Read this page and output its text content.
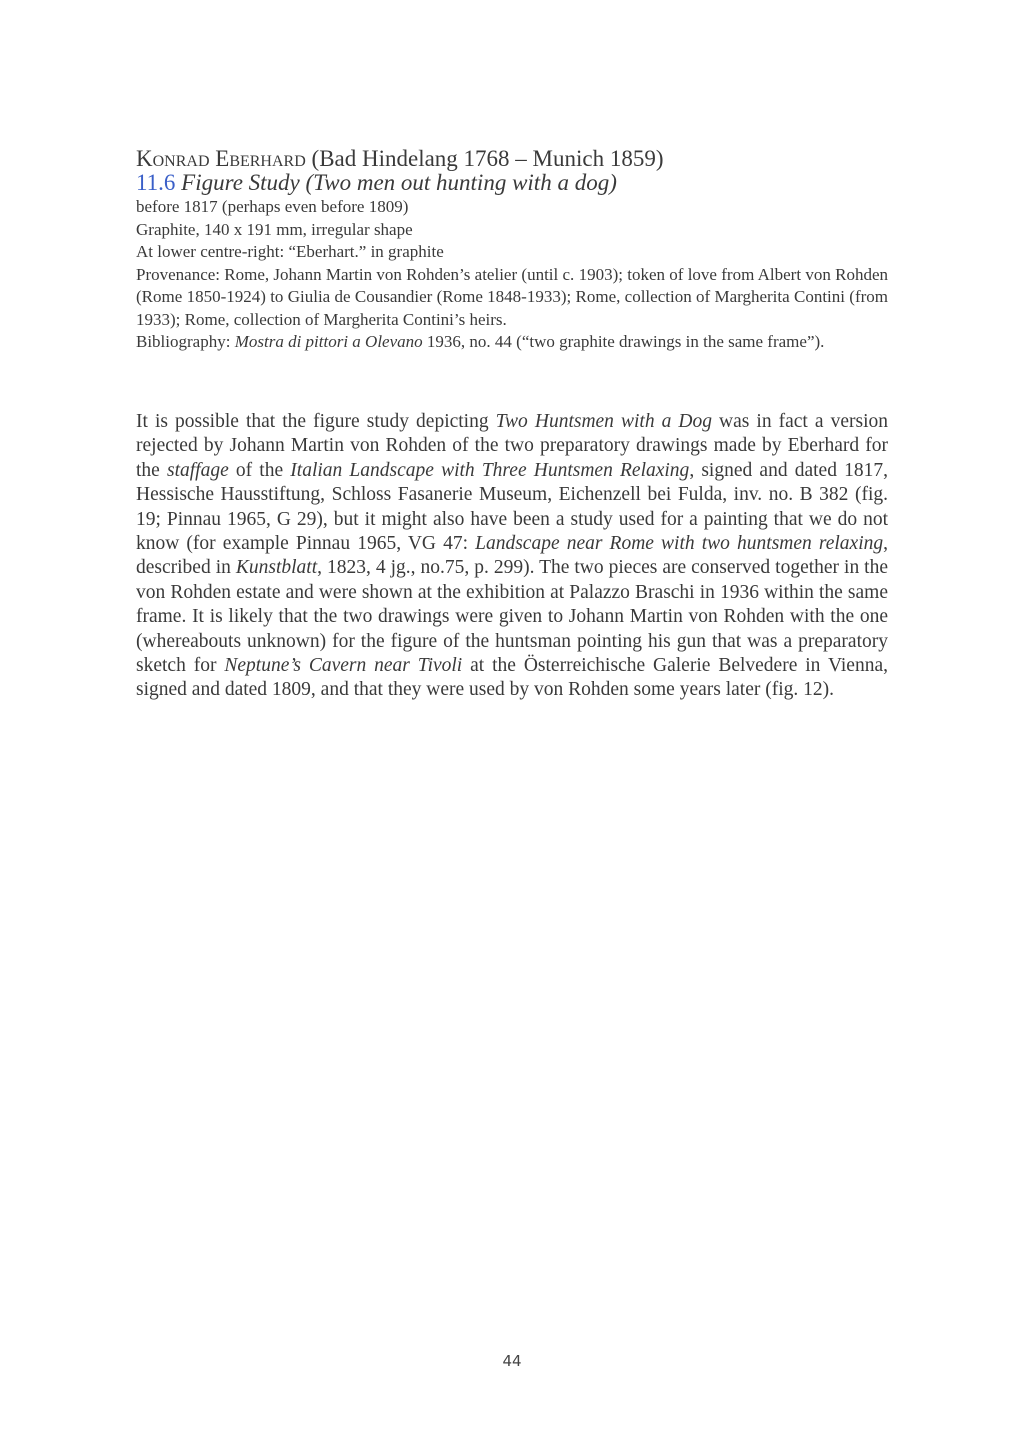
Konrad Eberhard (Bad Hindelang 1768 – Munich 1859)
11.6 Figure Study (Two men out hunting with a dog)
before 1817 (perhaps even before 1809)
Graphite, 140 x 191 mm, irregular shape
At lower centre-right: “Eberhart.” in graphite
Provenance: Rome, Johann Martin von Rohden’s atelier (until c. 1903); token of love from Albert von Rohden (Rome 1850-1924) to Giulia de Cousandier (Rome 1848-1933); Rome, collection of Margherita Contini (from 1933); Rome, collection of Margherita Contini’s heirs.
Bibliography: Mostra di pittori a Olevano 1936, no. 44 (“two graphite drawings in the same frame”).
It is possible that the figure study depicting Two Huntsmen with a Dog was in fact a version rejected by Johann Martin von Rohden of the two preparatory drawings made by Eberhard for the staffage of the Italian Landscape with Three Huntsmen Relaxing, signed and dated 1817, Hessische Hausstiftung, Schloss Fasanerie Museum, Eichenzell bei Fulda, inv. no. B 382 (fig. 19; Pinnau 1965, G 29), but it might also have been a study used for a painting that we do not know (for example Pinnau 1965, VG 47: Landscape near Rome with two huntsmen relaxing, described in Kunstblatt, 1823, 4 jg., no.75, p. 299). The two pieces are conserved together in the von Rohden estate and were shown at the exhibition at Palazzo Braschi in 1936 within the same frame. It is likely that the two drawings were given to Johann Martin von Rohden with the one (whereabouts unknown) for the figure of the huntsman pointing his gun that was a preparatory sketch for Neptune’s Cavern near Tivoli at the Österreichische Galerie Belvedere in Vienna, signed and dated 1809, and that they were used by von Rohden some years later (fig. 12).
44
